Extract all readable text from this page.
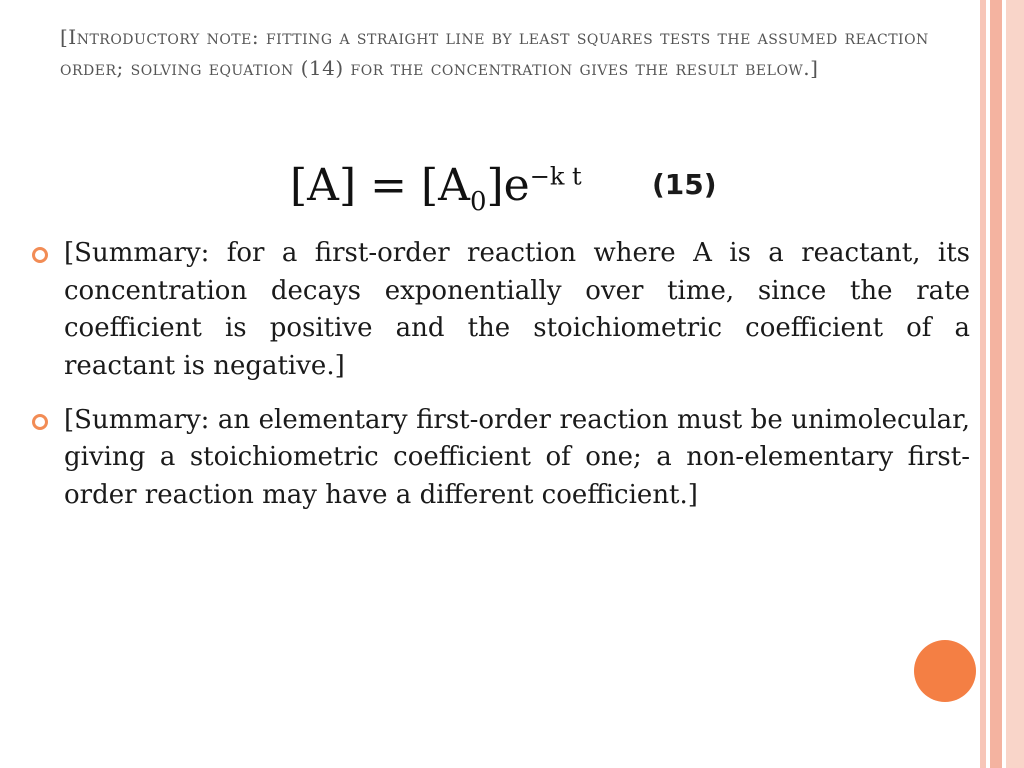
[Introductory note: fitting a straight line by least squares tests the assumed reaction order; solving equation (14) for the concentration gives the result below.]
$[A] = [A_0]e^{-k t}$	(15)
[Summary: for a first-order reaction where A is a reactant, its concentration decays exponentially over time, since the rate coefficient is positive and the stoichiometric coefficient of a reactant is negative.]
[Summary: an elementary first-order reaction must be unimolecular, giving a stoichiometric coefficient of one; a non-elementary first-order reaction may have a different coefficient.]
